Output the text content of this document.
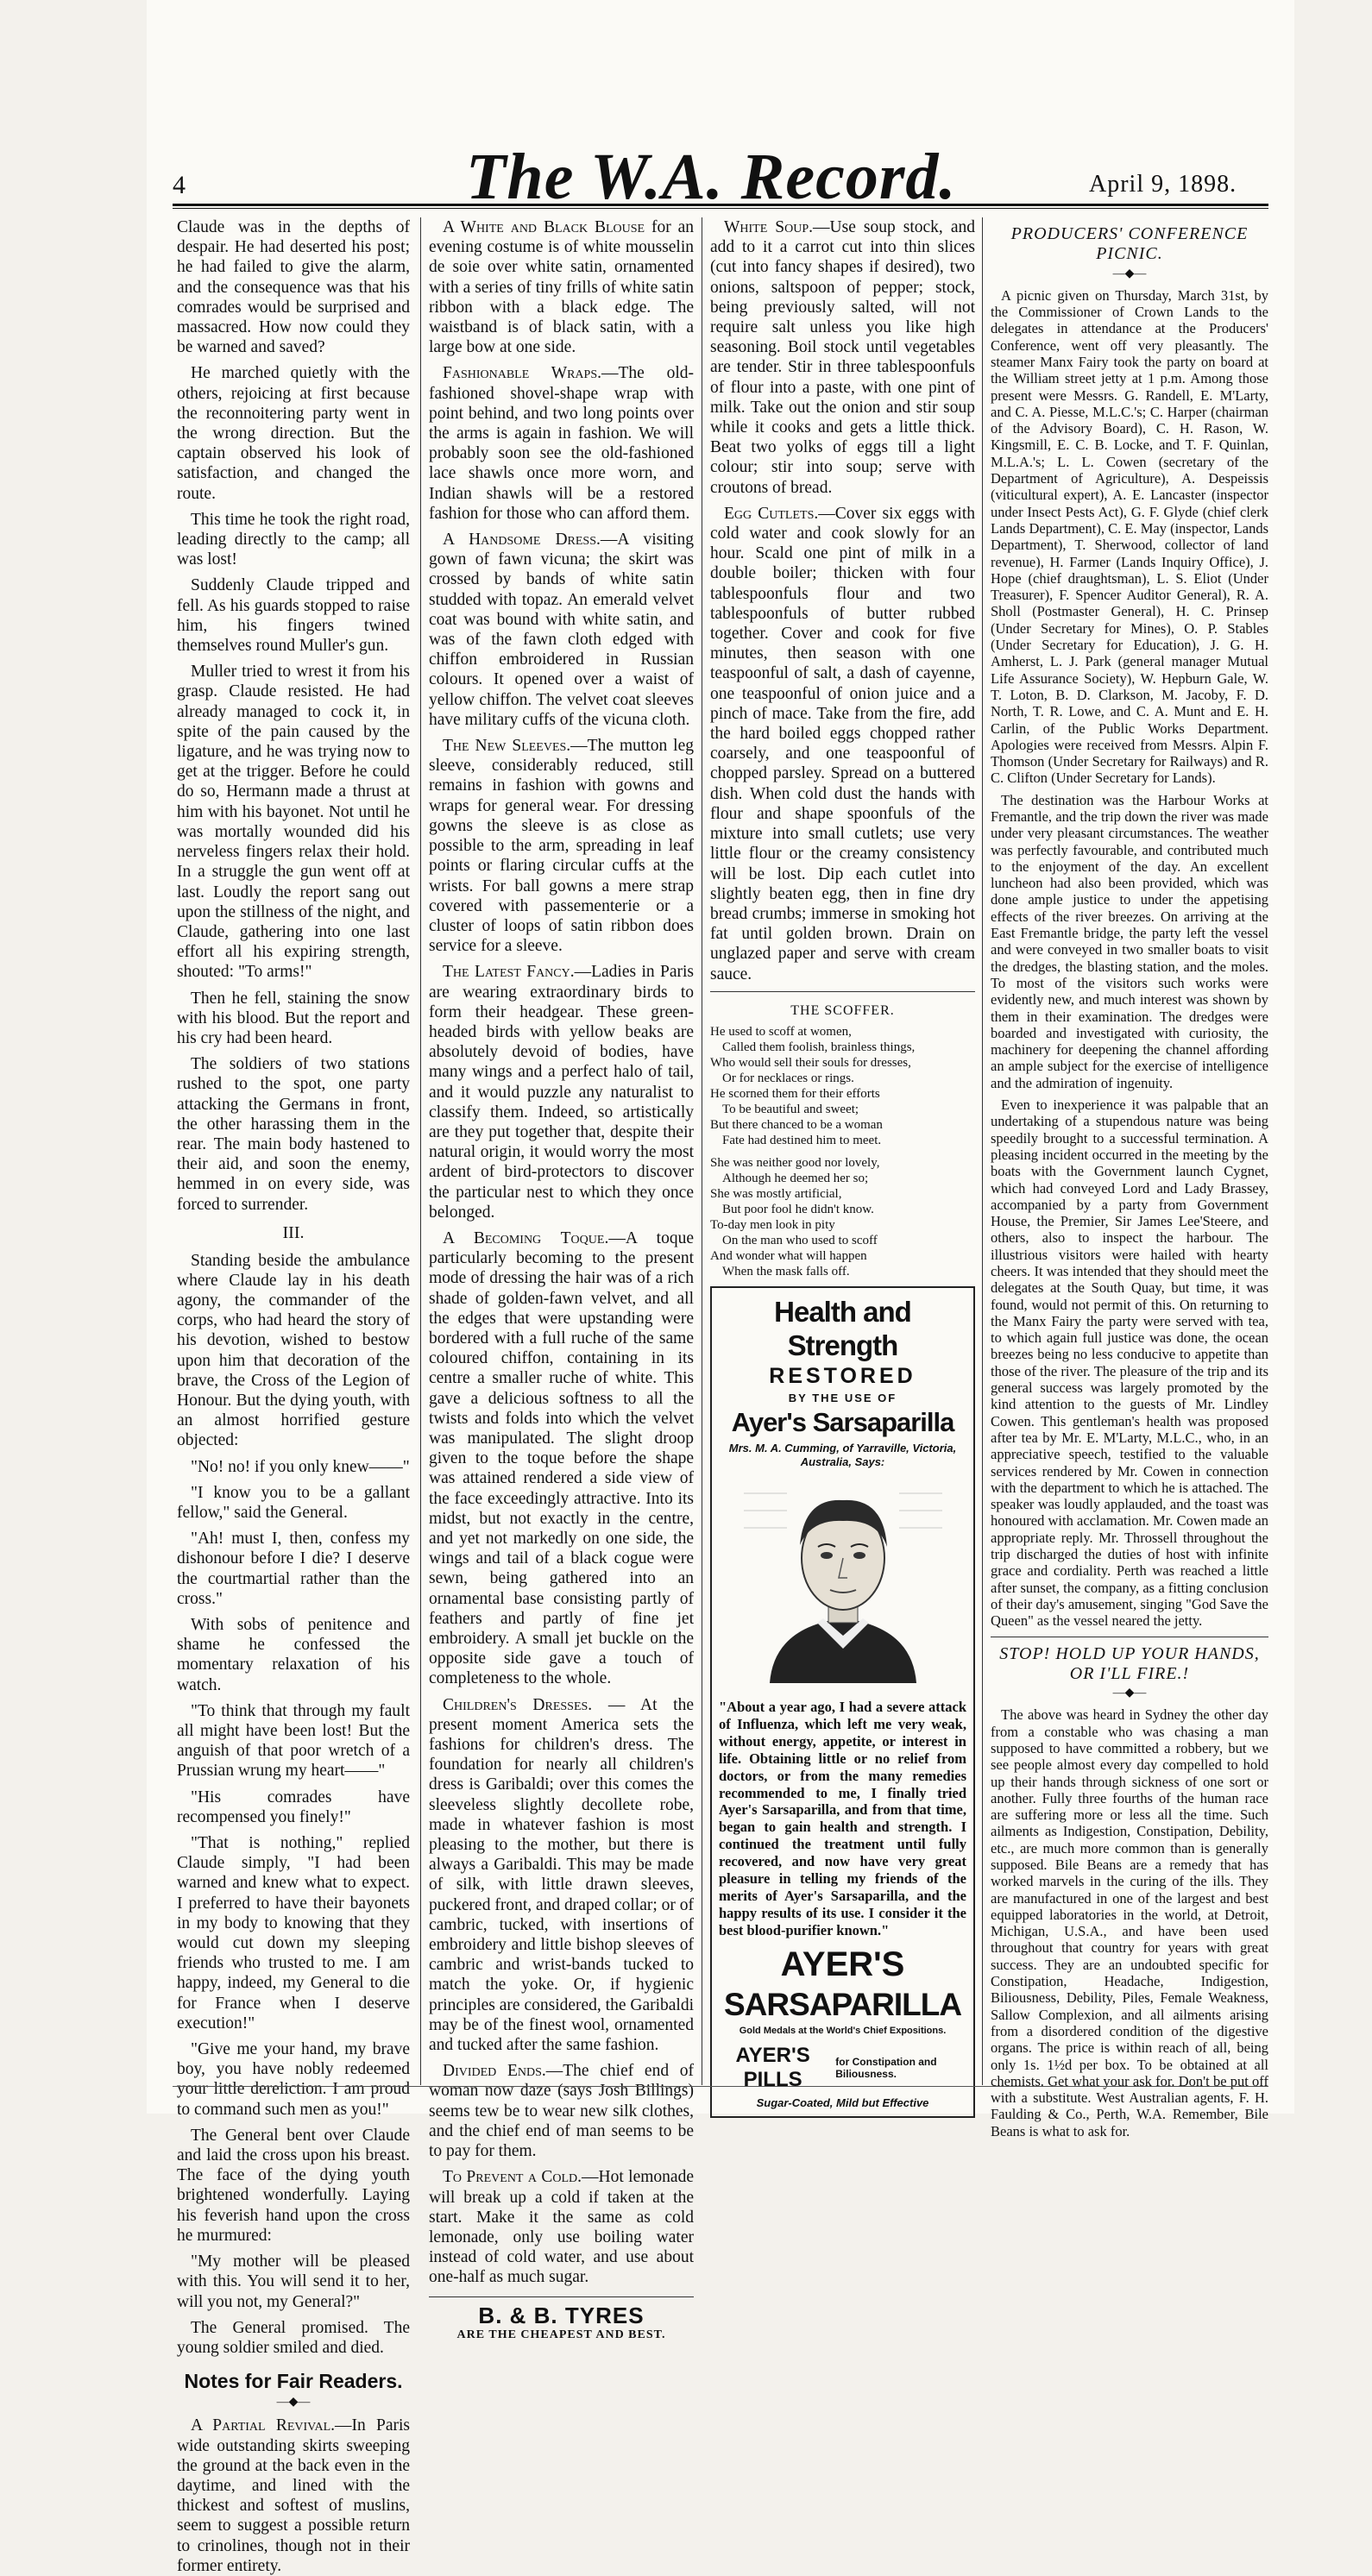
4	The W.A. Record.	April 9, 1898.

Claude was in the depths of despair. He had deserted his post; he had failed to give the alarm, and the consequence was that his comrades would be surprised and massacred. How now could they be warned and saved?

He marched quietly with the others, rejoicing at first because the reconnoitering party went in the wrong direction. But the captain observed his look of satisfaction, and changed the route.

This time he took the right road, leading directly to the camp; all was lost!

Suddenly Claude tripped and fell. As his guards stopped to raise him, his fingers twined themselves round Muller's gun.

Muller tried to wrest it from his grasp. Claude resisted. He had already managed to cock it, in spite of the pain caused by the ligature, and he was trying now to get at the trigger. Before he could do so, Hermann made a thrust at him with his bayonet. Not until he was mortally wounded did his nerveless fingers relax their hold. In a struggle the gun went off at last. Loudly the report sang out upon the stillness of the night, and Claude, gathering into one last effort all his expiring strength, shouted: "To arms!"

Then he fell, staining the snow with his blood. But the report and his cry had been heard.

The soldiers of two stations rushed to the spot, one party attacking the Germans in front, the other harassing them in the rear. The main body hastened to their aid, and soon the enemy, hemmed in on every side, was forced to surrender.

III.

Standing beside the ambulance where Claude lay in his death agony, the commander of the corps, who had heard the story of his devotion, wished to bestow upon him that decoration of the brave, the Cross of the Legion of Honour. But the dying youth, with an almost horrified gesture objected:

"No! no! if you only knew——"

"I know you to be a gallant fellow," said the General.

"Ah! must I, then, confess my dishonour before I die? I deserve the courtmartial rather than the cross."

With sobs of penitence and shame he confessed the momentary relaxation of his watch.

"To think that through my fault all might have been lost! But the anguish of that poor wretch of a Prussian wrung my heart——"

"His comrades have recompensed you finely!"

"That is nothing," replied Claude simply, "I had been warned and knew what to expect. I preferred to have their bayonets in my body to knowing that they would cut down my sleeping friends who trusted to me. I am happy, indeed, my General to die for France when I deserve execution!"

"Give me your hand, my brave boy, you have nobly redeemed your little dereliction. I am proud to command such men as you!"

The General bent over Claude and laid the cross upon his breast. The face of the dying youth brightened wonderfully. Laying his feverish hand upon the cross he murmured:

"My mother will be pleased with this. You will send it to her, will you not, my General?"

The General promised. The young soldier smiled and died.

Notes for Fair Readers.
—◆—

A Partial Revival.—In Paris wide outstanding skirts sweeping the ground at the back even in the daytime, and lined with the thickest and softest of muslins, seem to suggest a possible return to crinolines, though not in their former entirety.

A White and Black Blouse for an evening costume is of white mousselin de soie over white satin, ornamented with a series of tiny frills of white satin ribbon with a black edge. The waistband is of black satin, with a large bow at one side.

Fashionable Wraps.—The old-fashioned shovel-shape wrap with point behind, and two long points over the arms is again in fashion. We will probably soon see the old-fashioned lace shawls once more worn, and Indian shawls will be a restored fashion for those who can afford them.

A Handsome Dress.—A visiting gown of fawn vicuna; the skirt was crossed by bands of white satin studded with topaz. An emerald velvet coat was bound with white satin, and was of the fawn cloth edged with chiffon embroidered in Russian colours. It opened over a waist of yellow chiffon. The velvet coat sleeves have military cuffs of the vicuna cloth.

The New Sleeves.—The mutton leg sleeve, considerably reduced, still remains in fashion with gowns and wraps for general wear. For dressing gowns the sleeve is as close as possible to the arm, spreading in leaf points or flaring circular cuffs at the wrists. For ball gowns a mere strap covered with passementerie or a cluster of loops of satin ribbon does service for a sleeve.

The Latest Fancy.—Ladies in Paris are wearing extraordinary birds to form their headgear. These green-headed birds with yellow beaks are absolutely devoid of bodies, have many wings and a perfect halo of tail, and it would puzzle any naturalist to classify them. Indeed, so artistically are they put together that, despite their natural origin, it would worry the most ardent of bird-protectors to discover the particular nest to which they once belonged.

A Becoming Toque.—A toque particularly becoming to the present mode of dressing the hair was of a rich shade of golden-fawn velvet, and all the edges that were upstanding were bordered with a full ruche of the same coloured chiffon, containing in its centre a smaller ruche of white. This gave a delicious softness to all the twists and folds into which the velvet was manipulated. The slight droop given to the toque before the shape was attained rendered a side view of the face exceedingly attractive. Into its midst, but not exactly in the centre, and yet not markedly on one side, the wings and tail of a black cogue were sewn, being gathered into an ornamental base consisting partly of feathers and partly of fine jet embroidery. A small jet buckle on the opposite side gave a touch of completeness to the whole.

Children's Dresses. — At the present moment America sets the fashions for children's dress. The foundation for nearly all children's dress is Garibaldi; over this comes the sleeveless slightly decollete robe, made in whatever fashion is most pleasing to the mother, but there is always a Garibaldi. This may be made of silk, with little drawn sleeves, puckered front, and draped collar; or of cambric, tucked, with insertions of embroidery and little bishop sleeves of cambric and wrist-bands tucked to match the yoke. Or, if hygienic principles are considered, the Garibaldi may be of the finest wool, ornamented and tucked after the same fashion.

Divided Ends.—The chief end of woman now daze (says Josh Billings) seems tew be to wear new silk clothes, and the chief end of man seems to be to pay for them.

To Prevent a Cold.—Hot lemonade will break up a cold if taken at the start. Make it the same as cold lemonade, only use boiling water instead of cold water, and use about one-half as much sugar.

B. & B. TYRES
ARE THE CHEAPEST AND BEST.

White Soup.—Use soup stock, and add to it a carrot cut into thin slices (cut into fancy shapes if desired), two onions, saltspoon of pepper; stock, being previously salted, will not require salt unless you like high seasoning. Boil stock until vegetables are tender. Stir in three tablespoonfuls of flour into a paste, with one pint of milk. Take out the onion and stir soup while it cooks and gets a little thick. Beat two yolks of eggs till a light colour; stir into soup; serve with croutons of bread.

Egg Cutlets.—Cover six eggs with cold water and cook slowly for an hour. Scald one pint of milk in a double boiler; thicken with four tablespoonfuls flour and two tablespoonfuls of butter rubbed together. Cover and cook for five minutes, then season with one teaspoonful of salt, a dash of cayenne, one teaspoonful of onion juice and a pinch of mace. Take from the fire, add the hard boiled eggs chopped rather coarsely, and one teaspoonful of chopped parsley. Spread on a buttered dish. When cold dust the hands with flour and shape spoonfuls of the mixture into small cutlets; use very little flour or the creamy consistency will be lost. Dip each cutlet into slightly beaten egg, then in fine dry bread crumbs; immerse in smoking hot fat until golden brown. Drain on unglazed paper and serve with cream sauce.

THE SCOFFER.
He used to scoff at women,
Called them foolish, brainless things,
Who would sell their souls for dresses,
Or for necklaces or rings.
He scorned them for their efforts
To be beautiful and sweet;
But there chanced to be a woman
Fate had destined him to meet.
She was neither good nor lovely,
Although he deemed her so;
She was mostly artificial,
But poor fool he didn't know.
To-day men look in pity
On the man who used to scoff
And wonder what will happen
When the mask falls off.
Health and Strength
RESTORED
BY THE USE OF
Ayer's Sarsaparilla
Mrs. M. A. Cumming, of Yarraville, Victoria, Australia, Says:
"About a year ago, I had a severe attack of Influenza, which left me very weak, without energy, appetite, or interest in life. Obtaining little or no relief from doctors, or from the many remedies recommended to me, I finally tried Ayer's Sarsaparilla, and from that time, began to gain health and strength. I continued the treatment until fully recovered, and now have very great pleasure in telling my friends of the merits of Ayer's Sarsaparilla, and the happy results of its use. I consider it the best blood-purifier known."
AYER'S
SARSAPARILLA
Gold Medals at the World's Chief Expositions.
AYER'S PILLS
for Constipation and Biliousness.
Sugar-Coated, Mild but Effective
PRODUCERS' CONFERENCE PICNIC.
—◆—

A picnic given on Thursday, March 31st, by the Commissioner of Crown Lands to the delegates in attendance at the Producers' Conference, went off very pleasantly. The steamer Manx Fairy took the party on board at the William street jetty at 1 p.m. Among those present were Messrs. G. Randell, E. M'Larty, and C. A. Piesse, M.L.C.'s; C. Harper (chairman of the Advisory Board), C. H. Rason, W. Kingsmill, E. C. B. Locke, and T. F. Quinlan, M.L.A.'s; L. L. Cowen (secretary of the Department of Agriculture), A. Despeissis (viticultural expert), A. E. Lancaster (inspector under Insect Pests Act), G. F. Glyde (chief clerk Lands Department), C. E. May (inspector, Lands Department), T. Sherwood, collector of land revenue), H. Farmer (Lands Inquiry Office), J. Hope (chief draughtsman), L. S. Eliot (Under Treasurer), F. Spencer Auditor General), R. A. Sholl (Postmaster General), H. C. Prinsep (Under Secretary for Mines), O. P. Stables (Under Secretary for Education), J. G. H. Amherst, L. J. Park (general manager Mutual Life Assurance Society), W. Hepburn Gale, W. T. Loton, B. D. Clarkson, M. Jacoby, F. D. North, T. R. Lowe, and C. A. Munt and E. H. Carlin, of the Public Works Department. Apologies were received from Messrs. Alpin F. Thomson (Under Secretary for Railways) and R. C. Clifton (Under Secretary for Lands).

The destination was the Harbour Works at Fremantle, and the trip down the river was made under very pleasant circumstances. The weather was perfectly favourable, and contributed much to the enjoyment of the day. An excellent luncheon had also been provided, which was done ample justice to under the appetising effects of the river breezes. On arriving at the East Fremantle bridge, the party left the vessel and were conveyed in two smaller boats to visit the dredges, the blasting station, and the moles. To most of the visitors such works were evidently new, and much interest was shown by them in their examination. The dredges were boarded and investigated with curiosity, the machinery for deepening the channel affording an ample subject for the exercise of intelligence and the admiration of ingenuity.

Even to inexperience it was palpable that an undertaking of a stupendous nature was being speedily brought to a successful termination. A pleasing incident occurred in the meeting by the boats with the Government launch Cygnet, which had conveyed Lord and Lady Brassey, accompanied by a party from Government House, the Premier, Sir James Lee'Steere, and others, also to inspect the harbour. The illustrious visitors were hailed with hearty cheers. It was intended that they should meet the delegates at the South Quay, but time, it was found, would not permit of this. On returning to the Manx Fairy the party were served with tea, to which again full justice was done, the ocean breezes being no less conducive to appetite than those of the river. The pleasure of the trip and its general success was largely promoted by the kind attention to the guests of Mr. Lindley Cowen. This gentleman's health was proposed after tea by Mr. E. M'Larty, M.L.C., who, in an appreciative speech, testified to the valuable services rendered by Mr. Cowen in connection with the department to which he is attached. The speaker was loudly applauded, and the toast was honoured with acclamation. Mr. Cowen made an appropriate reply. Mr. Throssell throughout the trip discharged the duties of host with infinite grace and cordiality. Perth was reached a little after sunset, the company, as a fitting conclusion of their day's amusement, singing "God Save the Queen" as the vessel neared the jetty.

STOP! HOLD UP YOUR HANDS, OR I'LL FIRE.!
—◆—

The above was heard in Sydney the other day from a constable who was chasing a man supposed to have committed a robbery, but we see people almost every day compelled to hold up their hands through sickness of one sort or another. Fully three fourths of the human race are suffering more or less all the time. Such ailments as Indigestion, Constipation, Debility, etc., are much more common than is generally supposed. Bile Beans are a remedy that has worked marvels in the curing of the ills. They are manufactured in one of the largest and best equipped laboratories in the world, at Detroit, Michigan, U.S.A., and have been used throughout that country for years with great success. They are an undoubted specific for Constipation, Headache, Indigestion, Biliousness, Debility, Piles, Female Weakness, Sallow Complexion, and all ailments arising from a disordered condition of the digestive organs. The price is within reach of all, being only 1s. 1½d per box. To be obtained at all chemists. Get what your ask for. Don't be put off with a substitute. West Australian agents, F. H. Faulding & Co., Perth, W.A. Remember, Bile Beans is what to ask for.
